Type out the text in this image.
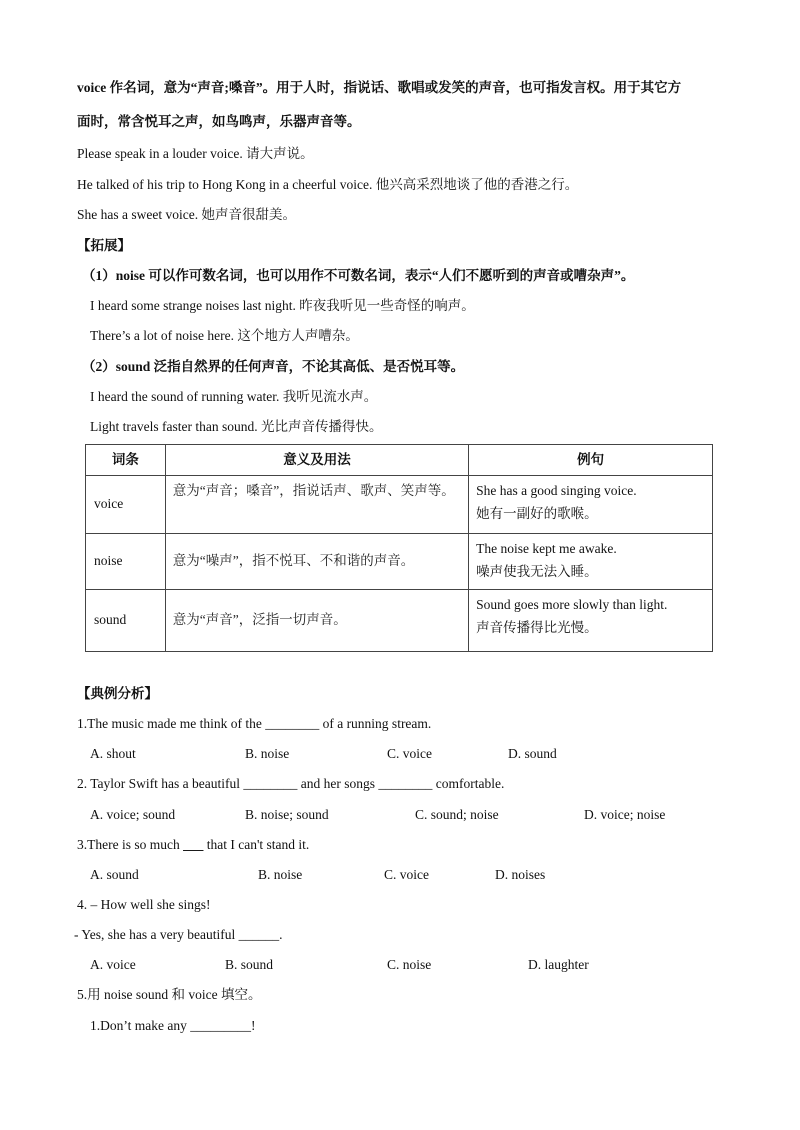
voice 作名词，意为“声音;嗓音”。用于人时，指说话、歌唱或发笑的声音，也可指发言权。用于其它方
面时，常含悦耳之声，如鸟鸣声，乐器声音等。
Please speak in a louder voice. 请大声说。
He talked of his trip to Hong Kong in a cheerful voice. 他兴高采烈地谈了他的香港之行。
She has a sweet voice. 她声音很甜美。
【拓展】
（1）noise 可以作可数名词，也可以用作不可数名词，表示“人们不愿听到的声音或嘈杂声”。
I heard some strange noises last night. 昨夜我听见一些奇怪的响声。
There’s a lot of noise here. 这个地方人声嘈杂。
（2）sound 泛指自然界的任何声音，不论其高低、是否悦耳等。
I heard the sound of running water. 我听见流水声。
Light travels faster than sound. 光比声音传播得快。
词条	意义及用法	例句
voice	意为“声音；嗓音”，指说话声、歌声、笑声等。	She has a good singing voice.
她有一副好的歌喉。

noise	意为“噪声”，指不悦耳、不和谐的声音。	The noise kept me awake.
噪声使我无法入睡。

sound	意为“声音”，泛指一切声音。	Sound goes more slowly than light.
声音传播得比光慢。
【典例分析】
1.The music made me think of the ________ of a running stream.
A. shout	B. noise	C. voice	D. sound
2. Taylor Swift has a beautiful ________ and her songs ________ comfortable.
A. voice; sound	B. noise; sound	C. sound; noise	D. voice; noise
3.There is so much ___ that I can't stand it.
A. sound	B. noise	C. voice	D. noises
4. – How well she sings!
- Yes, she has a very beautiful ______.
A. voice	B. sound	C. noise	D. laughter
5.用 noise sound 和 voice 填空。
1.Don’t make any _________!
